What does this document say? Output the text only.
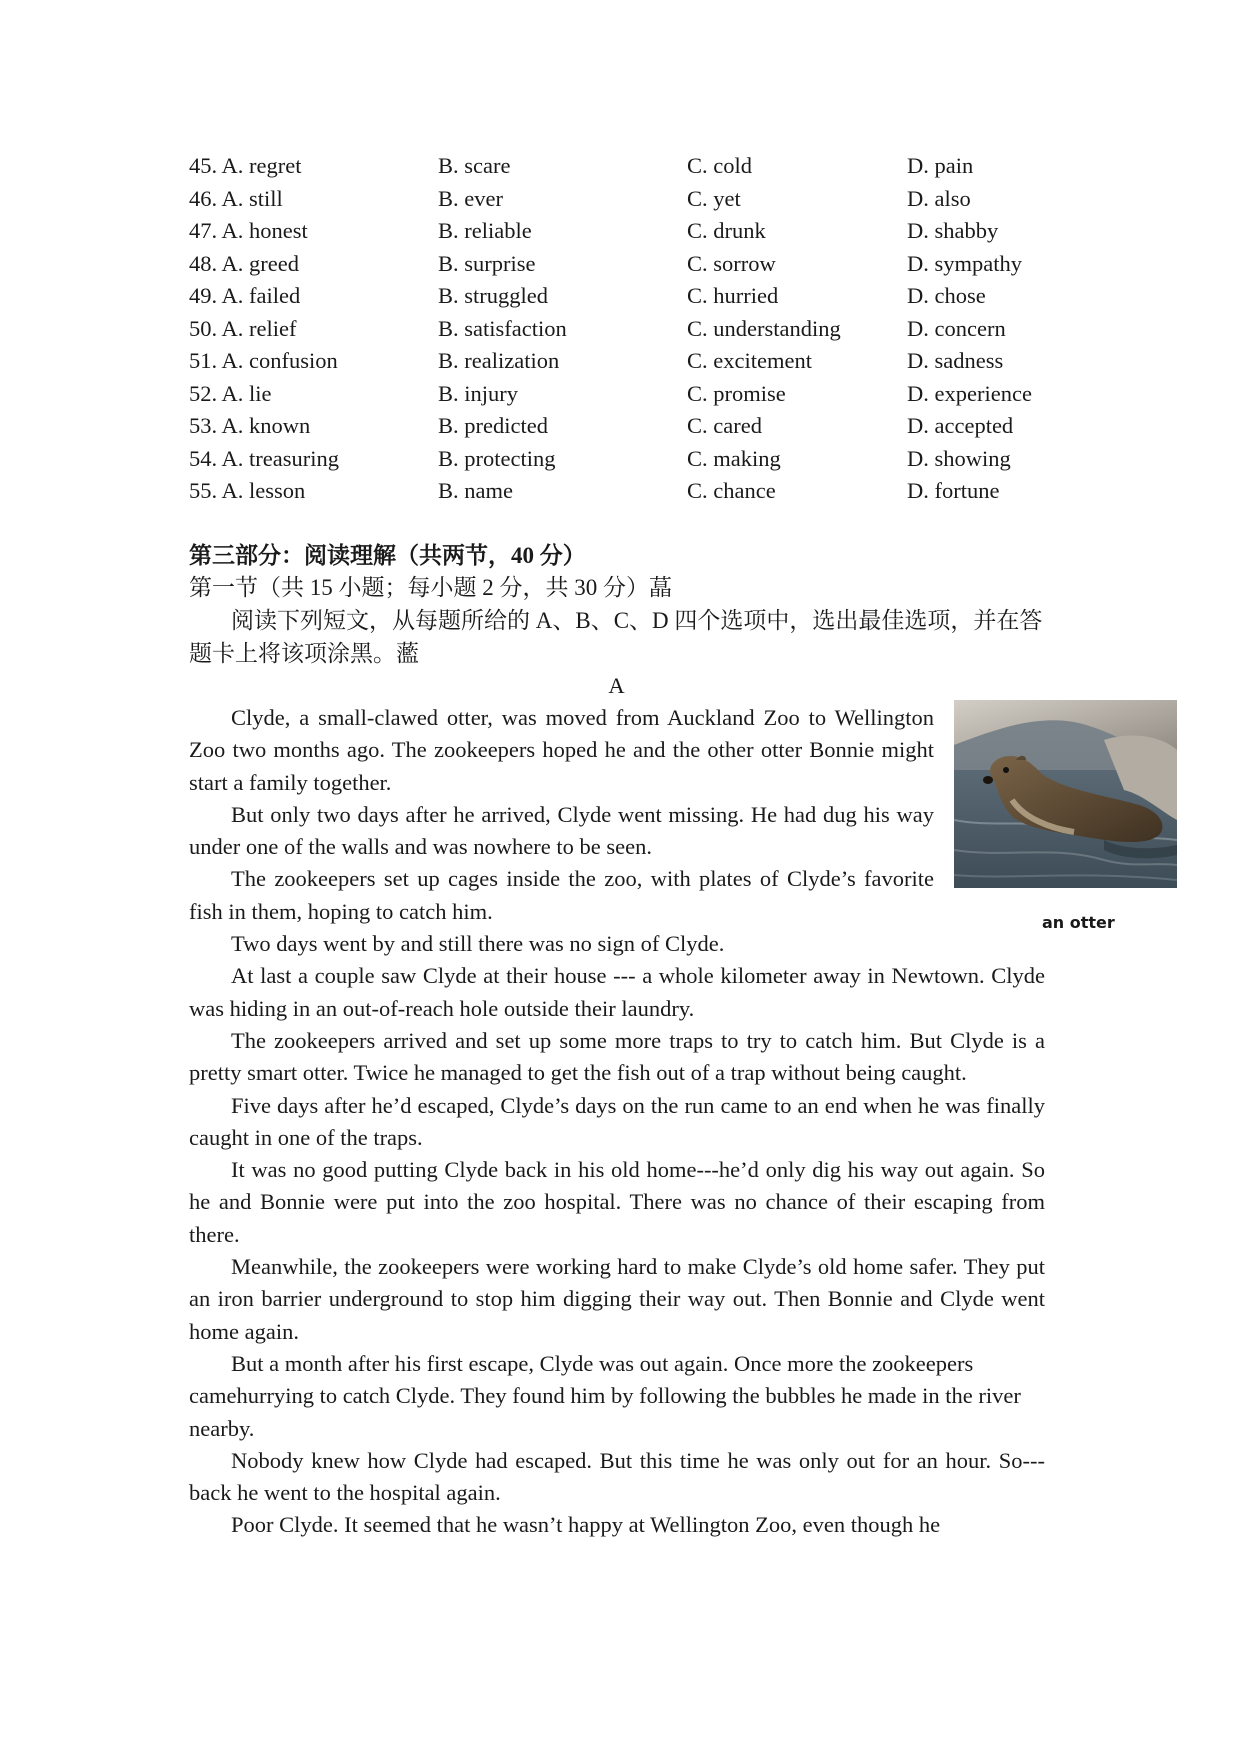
45. A. regret	B. scare	C. cold	D. pain
46. A. still	B. ever	C. yet	D. also
47. A. honest	B. reliable	C. drunk	D. shabby
48. A. greed	B. surprise	C. sorrow	D. sympathy
49. A. failed	B. struggled	C. hurried	D. chose
50. A. relief	B. satisfaction	C. understanding	D. concern
51. A. confusion	B. realization	C. excitement	D. sadness
52. A. lie	B. injury	C. promise	D. experience
53. A. known	B. predicted	C. cared	D. accepted
54. A. treasuring	B. protecting	C. making	D. showing
55. A. lesson	B. name	C. chance	D. fortune
第三部分：阅读理解（共两节，40 分）
第一节（共 15 小题；每小题 2 分，共 30 分）蕌
阅读下列短文，从每题所给的 A、B、C、D 四个选项中，选出最佳选项，并在答题卡上将该项涂黑。蘫
A
an otter

Clyde, a small-clawed otter, was moved from Auckland Zoo to Wellington Zoo two months ago. The zookeepers hoped he and the other otter Bonnie might start a family together.

But only two days after he arrived, Clyde went missing. He had dug his way under one of the walls and was nowhere to be seen.

The zookeepers set up cages inside the zoo, with plates of Clyde’s favorite fish in them, hoping to catch him.

Two days went by and still there was no sign of Clyde.

At last a couple saw Clyde at their house --- a whole kilometer away in Newtown. Clyde was hiding in an out-of-reach hole outside their laundry.

The zookeepers arrived and set up some more traps to try to catch him. But Clyde is a pretty smart otter. Twice he managed to get the fish out of a trap without being caught.

Five days after he’d escaped, Clyde’s days on the run came to an end when he was finally caught in one of the traps.

It was no good putting Clyde back in his old home---he’d only dig his way out again. So he and Bonnie were put into the zoo hospital. There was no chance of their escaping from there.

Meanwhile, the zookeepers were working hard to make Clyde’s old home safer. They put an iron barrier underground to stop him digging their way out. Then Bonnie and Clyde went home again.

But a month after his first escape, Clyde was out again. Once more the zookeepers camehurrying to catch Clyde. They found him by following the bubbles he made in the river nearby.

Nobody knew how Clyde had escaped. But this time he was only out for an hour. So---back he went to the hospital again.

Poor Clyde. It seemed that he wasn’t happy at Wellington Zoo, even though he
